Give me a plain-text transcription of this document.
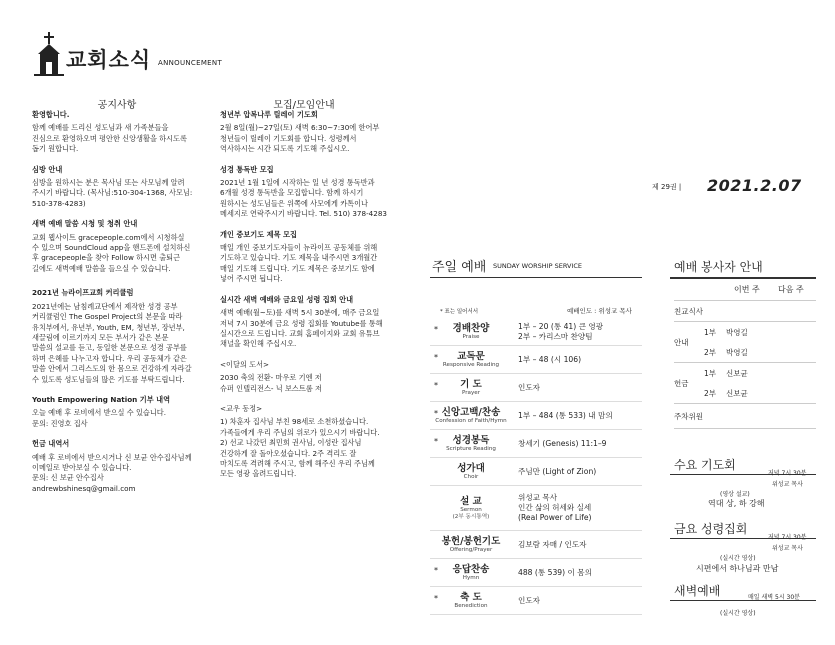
교회소식 ANNOUNCEMENT
공지사항
환영합니다.

함께 예배를 드리신 성도님과 새 가족분들을
진심으로 환영하오며 평안한 신앙생활을 하시도록
돕기 원합니다.

심방 안내

심방을 원하시는 분은 목사님 또는 사모님께 알려
주시기 바랍니다. (목사님:510-304-1368, 사모님:
510-378-4283)

새벽 예배 말씀 시청 및 청취 안내

교회 웹사이트 gracepeople.com에서 시청하실
수 있으며 SoundCloud app을 핸드폰에 설치하신
후 gracepeople을 찾아 Follow 하시면 출퇴근
길에도 새벽예배 말씀을 들으실 수 있습니다.

2021년 뉴라이프교회 커리큘럼

2021년에는 남침례교단에서 제작한 성경 공부
커리큘럼인 The Gospel Project의 본문을 따라
유치부에서, 유년부, Youth, EM, 청년부, 장년부,
새끌림에 이르기까지 모든 부서가 같은 본문
말씀의 설교를 듣고, 동일한 본문으로 성경 공부를
하며 은혜를 나누고자 합니다. 우리 공동체가 같은
말씀 안에서 그리스도의 한 몸으로 건강하게 자라갈
수 있도록 성도님들의 많은 기도를 부탁드립니다.

Youth Empowering Nation 기부 내역

오늘 예배 후 로비에서 받으실 수 있습니다.
문의: 진영호 집사

헌금 내역서

예배 후 로비에서 받으시거나 신 보균 안수집사님께
이메일로 받아보실 수 있습니다.
문의: 신 보균 안수집사 andrewbshinesq@gmail.com

모집/모임안내
청년부 압복나루 릴레이 기도회

2월 8일(월)~27일(토) 새벽 6:30~7:30에 한어부
청년들이 릴레이 기도회를 합니다. 성령께서
역사하시는 시간 되도록 기도해 주십시오.

성경 통독반 모집

2021년 1월 1일에 시작하는 일 년 성경 통독반과
6개월 성경 통독반을 모집합니다. 함께 하시기
원하시는 성도님들은 위쪽에 사모에게 카톡이나
메세지로 연락주시기 바랍니다. Tel. 510) 378-4283

개인 중보기도 제목 모집

매일 개인 중보기도자들이 뉴라이프 공동체를 위해
기도하고 있습니다. 기도 제목을 내주시면 3개월간
매일 기도해 드립니다. 기도 제목은 중보기도 함에
넣어 주시면 됩니다.

실시간 새벽 예배와 금요일 성령 집회 안내

새벽 예배(월~토)를 새벽 5시 30분에, 매주 금요일
저녁 7시 30분에 금요 성령 집회를 Youtube를 통해
실시간으로 드립니다. 교회 홈페이지와 교회 유튜브
채널을 확인해 주십시오.

<이달의 도서>

2030 축의 전환- 마우로 기엔 저
슈퍼 인텔리전스- 닉 보스트롬 저

<교우 동정>

1) 차훈자 집사님 부친 98세로 소천하셨습니다.
가족들에게 우리 주님의 위로가 있으시기 바랍니다.
2) 선교 나갔던 최민희 권사님, 이성란 집사님
건강하게 잘 돌아오셨습니다. 2주 격리도 잘
마치도록 격려해 주시고, 함께 해주신 우리 주님께
모든 영광 올려드립니다.

제 29권 | 2021.2.07
주일 예배 SUNDAY WORSHIP SERVICE
* 표는 일어서서	예배인도 : 위성교 목사
*	경배찬양
Praise
1부 – 20 (통 41) 큰 영광
2부 – 카리스마 찬양팀
*	교독문
Responsive Reading
1부 – 48 (시 106)
*	기 도
Prayer
인도자
* 신앙고백/찬송
Confession of Faith/Hymn
1부 – 484 (통 533) 내 맘의
*	성경봉독
Scripture Reading
창세기 (Genesis) 11:1–9
성가대
Choir
주님만 (Light of Zion)
설 교
Sermon
(2부 동시통역)
위성교 목사
인간 삶의 허세와 실세
(Real Power of Life)
봉헌/봉헌기도
Offering/Prayer
김보람 자매 / 인도자
*	응답찬송
Hymn
488 (통 539) 이 몸의
*	축 도
Benediction
인도자
예배 봉사자 안내
이번 주 다음 주
친교식사
안내
1부 박영길
2부 박영길
헌금
1부 신보균
2부 신보균
주차위원
수요 기도회
저녁 7시 30분
위성교 목사
(영상 설교)
역대 상, 하 강해
금요 성령집회
저녁 7시 30분
위성교 목사
(실시간 영상)
시편에서 하나님과 만남
새벽예배	매일 새벽 5시 30분
(실시간 영상)
